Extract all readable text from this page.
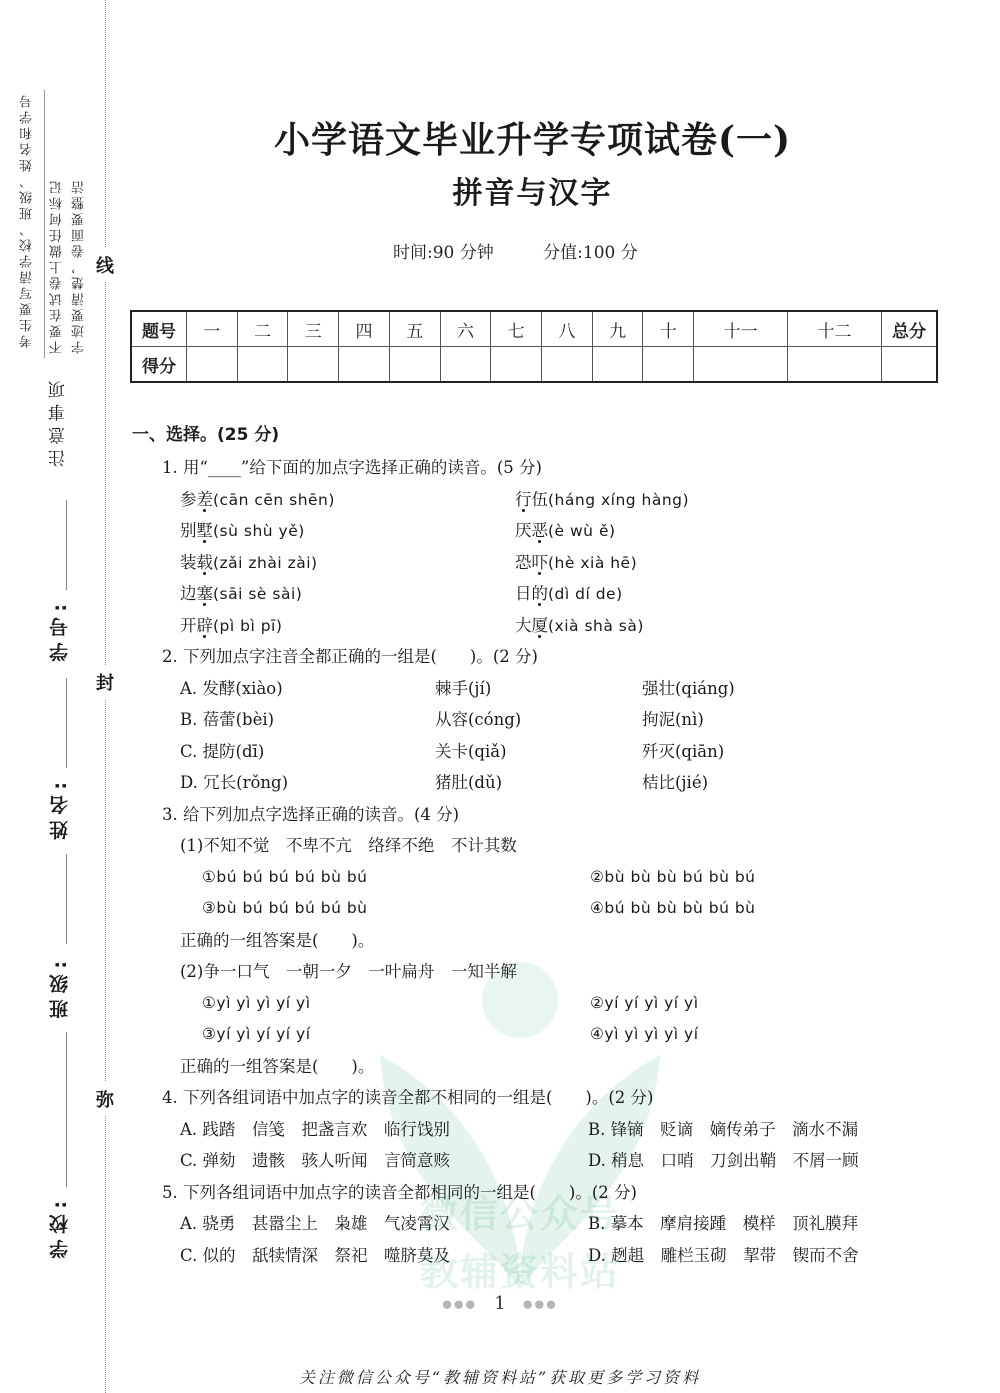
考生要写清学校、班级、姓名和学号 不要在试卷上做任何标记 字迹要清楚，卷面要整洁
注意事项
学号:
姓名:
班级:
学校:
线
封
弥
小学语文毕业升学专项试卷(一)
拼音与汉字
时间:90 分钟	分值:100 分
题号	一	二	三	四	五	六	七	八	九	十	十一	十二	总分
得分													
微信公众号
教辅资料站
一、选择。(25 分)
1. 用“____”给下面的加点字选择正确的读音。(5 分)
参差(cān cēn shēn)	行伍(háng xíng hàng)
别墅(sù shù yě)	厌恶(è wù ě)
装载(zǎi zhài zài)	恐吓(hè xià hē)
边塞(sāi sè sài)	日的(dì dí de)
开辟(pì bì pī)	大厦(xià shà sà)
2. 下列加点字注音全都正确的一组是(　　)。(2 分)
A. 发酵(xiào)	棘手(jí)	强壮(qiáng)
B. 蓓蕾(bèi)	从容(cóng)	拘泥(nì)
C. 提防(dī)	关卡(qiǎ)	歼灭(qiān)
D. 冗长(rǒng)	猪肚(dǔ)	桔比(jié)
3. 给下列加点字选择正确的读音。(4 分)
(1)不知不觉　不卑不亢　络绎不绝　不计其数
①bú bú bú bú bù bú	②bù bù bù bú bù bú
③bù bú bú bú bú bù	④bú bù bù bù bú bù
正确的一组答案是(　　)。
(2)争一口气　一朝一夕　一叶扁舟　一知半解
①yì yì yì yí yì	②yí yí yì yí yì
③yí yì yí yí yí	④yì yì yì yì yí
正确的一组答案是(　　)。
4. 下列各组词语中加点字的读音全都不相同的一组是(　　)。(2 分)
A. 践踏　信笺　把盏言欢　临行饯别	B. 锋镝　贬谪　嫡传弟子　滴水不漏
C. 弹劾　遗骸　骇人听闻　言简意赅	D. 稍息　口哨　刀剑出鞘　不屑一顾
5. 下列各组词语中加点字的读音全都相同的一组是(　　)。(2 分)
A. 骁勇　甚嚣尘上　枭雄　气凌霄汉	B. 摹本　摩肩接踵　模样　顶礼膜拜
C. 似的　舐犊情深　祭祀　噬脐莫及	D. 趔趄　雕栏玉砌　挈带　锲而不舍
●●● 1 ●●●
关注微信公众号“教辅资料站”获取更多学习资料
